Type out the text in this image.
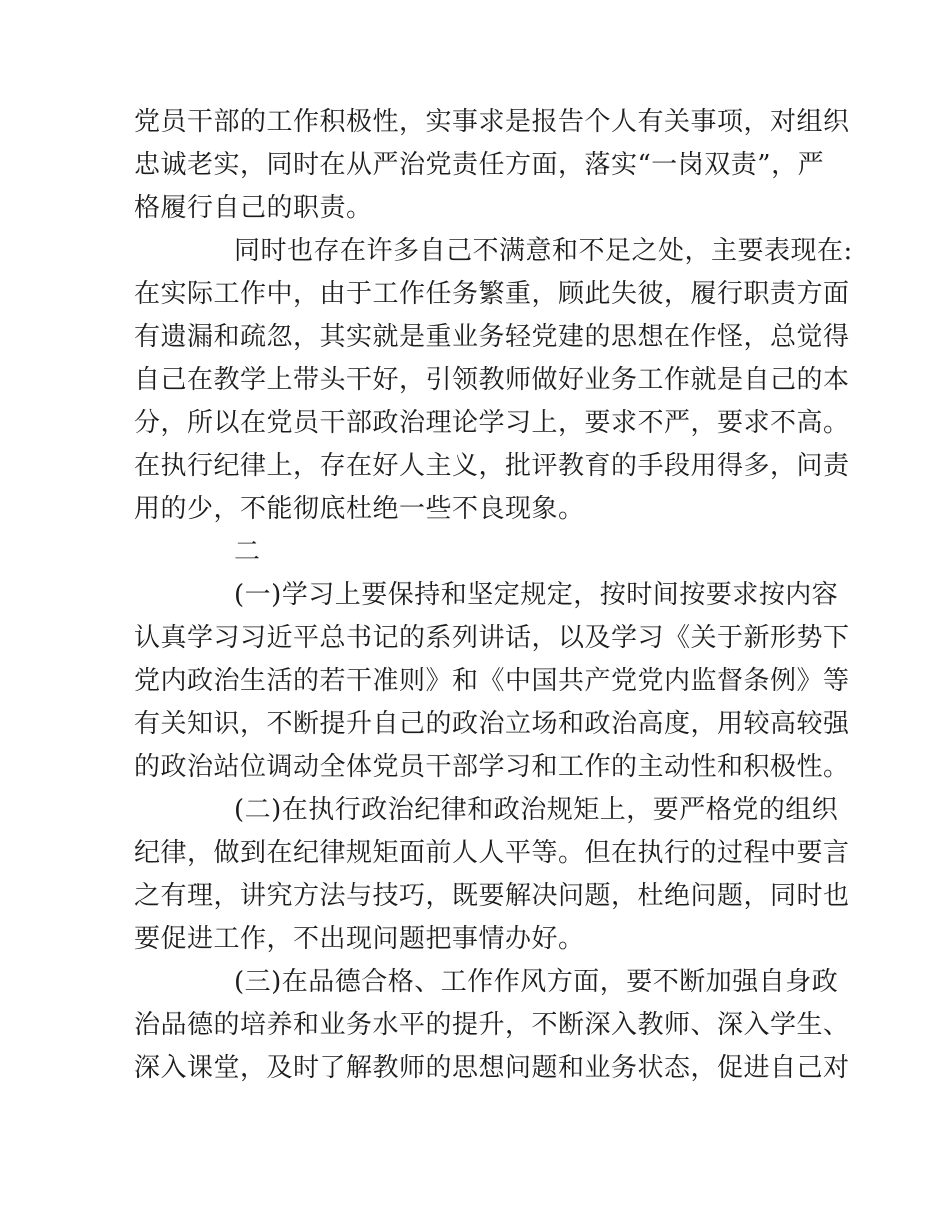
党员干部的工作积极性，实事求是报告个人有关事项，对组织
忠诚老实，同时在从严治党责任方面，落实“一岗双责”，严
格履行自己的职责。
同时也存在许多自己不满意和不足之处，主要表现在:
在实际工作中，由于工作任务繁重，顾此失彼，履行职责方面
有遗漏和疏忽，其实就是重业务轻党建的思想在作怪，总觉得
自己在教学上带头干好，引领教师做好业务工作就是自己的本
分，所以在党员干部政治理论学习上，要求不严，要求不高。
在执行纪律上，存在好人主义，批评教育的手段用得多，问责
用的少，不能彻底杜绝一些不良现象。
二
(一)学习上要保持和坚定规定，按时间按要求按内容
认真学习习近平总书记的系列讲话，以及学习《关于新形势下
党内政治生活的若干准则》和《中国共产党党内监督条例》等
有关知识，不断提升自己的政治立场和政治高度，用较高较强
的政治站位调动全体党员干部学习和工作的主动性和积极性。
(二)在执行政治纪律和政治规矩上，要严格党的组织
纪律，做到在纪律规矩面前人人平等。但在执行的过程中要言
之有理，讲究方法与技巧，既要解决问题，杜绝问题，同时也
要促进工作，不出现问题把事情办好。
(三)在品德合格、工作作风方面，要不断加强自身政
治品德的培养和业务水平的提升，不断深入教师、深入学生、
深入课堂，及时了解教师的思想问题和业务状态，促进自己对
